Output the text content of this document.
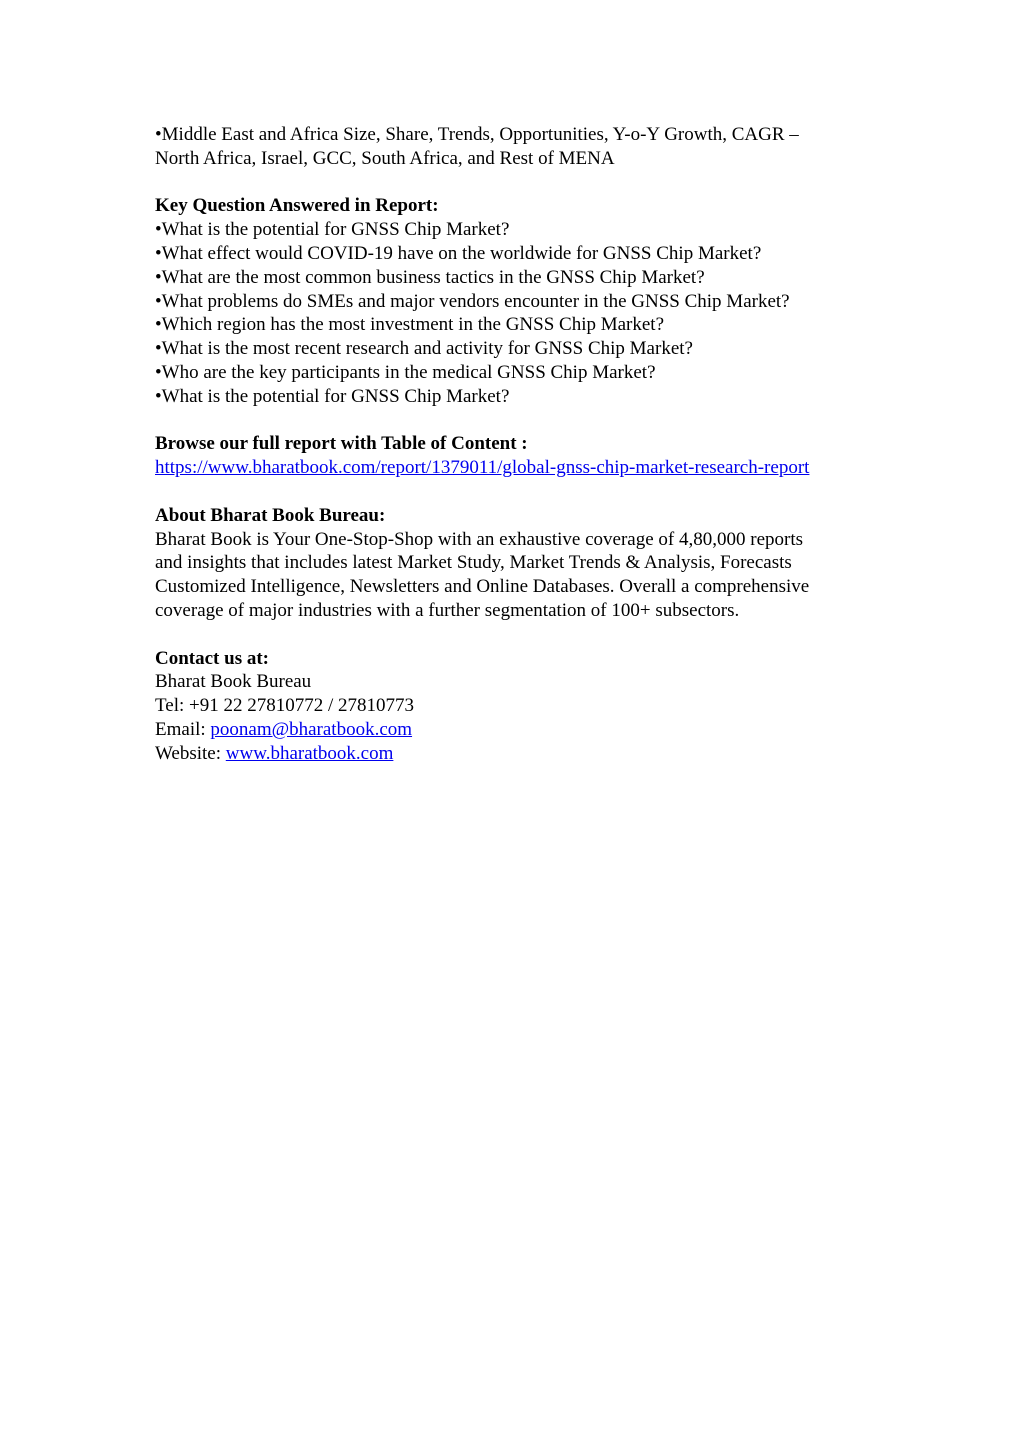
•Middle East and Africa Size, Share, Trends, Opportunities, Y-o-Y Growth, CAGR –
North Africa, Israel, GCC, South Africa, and Rest of MENA
Key Question Answered in Report:
•What is the potential for GNSS Chip Market?
•What effect would COVID-19 have on the worldwide for GNSS Chip Market?
•What are the most common business tactics in the GNSS Chip Market?
•What problems do SMEs and major vendors encounter in the GNSS Chip Market?
•Which region has the most investment in the GNSS Chip Market?
•What is the most recent research and activity for GNSS Chip Market?
•Who are the key participants in the medical GNSS Chip Market?
•What is the potential for GNSS Chip Market?
Browse our full report with Table of Content :
https://www.bharatbook.com/report/1379011/global-gnss-chip-market-research-report
About Bharat Book Bureau:
Bharat Book is Your One-Stop-Shop with an exhaustive coverage of 4,80,000 reports
and insights that includes latest Market Study, Market Trends & Analysis, Forecasts
Customized Intelligence, Newsletters and Online Databases. Overall a comprehensive
coverage of major industries with a further segmentation of 100+ subsectors.
Contact us at:
Bharat Book Bureau
Tel: +91 22 27810772 / 27810773
Email: poonam@bharatbook.com
Website: www.bharatbook.com
